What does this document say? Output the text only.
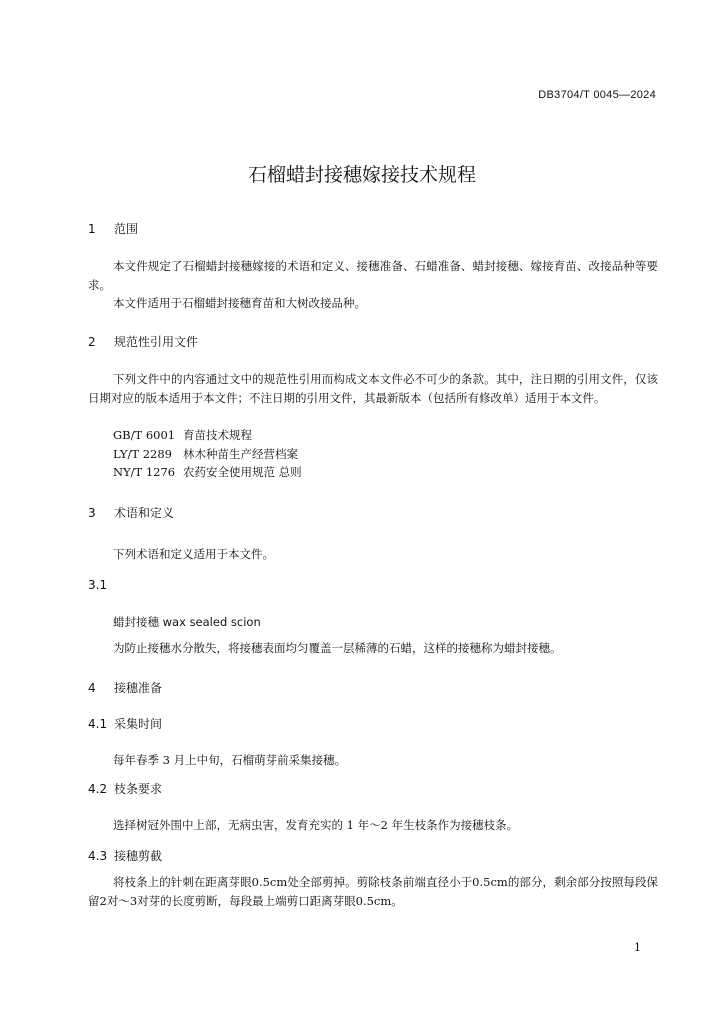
DB3704/T 0045—2024
石榴蜡封接穗嫁接技术规程
1 范围
本文件规定了石榴蜡封接穗嫁接的术语和定义、接穗准备、石蜡准备、蜡封接穗、嫁接育苗、改接品种等要求。
本文件适用于石榴蜡封接穗育苗和大树改接品种。
2 规范性引用文件
下列文件中的内容通过文中的规范性引用而构成文本文件必不可少的条款。其中，注日期的引用文件，仅该日期对应的版本适用于本文件；不注日期的引用文件，其最新版本（包括所有修改单）适用于本文件。
GB/T 6001 育苗技术规程
LY/T 2289 林木种苗生产经营档案
NY/T 1276 农药安全使用规范 总则
3 术语和定义
下列术语和定义适用于本文件。
3.1
蜡封接穗 wax sealed scion
为防止接穗水分散失，将接穗表面均匀覆盖一层稀薄的石蜡，这样的接穗称为蜡封接穗。
4 接穗准备
4.1 采集时间
每年春季 3 月上中旬，石榴萌芽前采集接穗。
4.2 枝条要求
选择树冠外围中上部，无病虫害，发育充实的 1 年～2 年生枝条作为接穗枝条。
4.3 接穗剪截
将枝条上的针刺在距离芽眼0.5cm处全部剪掉。剪除枝条前端直径小于0.5cm的部分，剩余部分按照每段保留2对～3对芽的长度剪断，每段最上端剪口距离芽眼0.5cm。
1
